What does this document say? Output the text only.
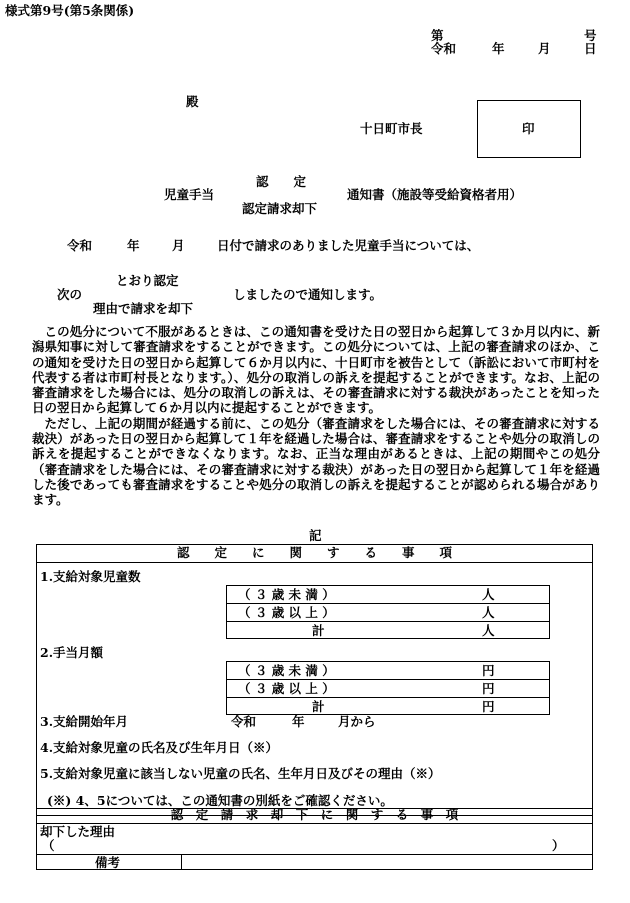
様式第9号(第5条関係)
第	号
令和	年	月	日
殿
十日町市長	印
認　　定
児童手当
認定請求却下
通知書（施設等受給資格者用）
令和	年	月	日付で請求のありました児童手当については、
とおり認定
次の	しましたので通知します。
理由で請求を却下

この処分について不服があるときは、この通知書を受けた日の翌日から起算して３か月以内に、新潟県知事に対して審査請求をすることができます。この処分については、上記の審査請求のほか、この通知を受けた日の翌日から起算して６か月以内に、十日町市を被告として（訴訟において市町村を代表する者は市町村長となります。）、処分の取消しの訴えを提起することができます。なお、上記の審査請求をした場合には、処分の取消しの訴えは、その審査請求に対する裁決があったことを知った日の翌日から起算して６か月以内に提起することができます。

ただし、上記の期間が経過する前に、この処分（審査請求をした場合には、その審査請求に対する裁決）があった日の翌日から起算して１年を経過した場合は、審査請求をすることや処分の取消しの訴えを提起することができなくなります。なお、正当な理由があるときは、上記の期間やこの処分（審査請求をした場合には、その審査請求に対する裁決）があった日の翌日から起算して１年を経過した後であっても審査請求をすることや処分の取消しの訴えを提起することが認められる場合があります。

記
認　　定　　に　　関　　す　　る　　事　　項
1.支給対象児童数
（ ３ 歳 未 満 ）	人
（ ３ 歳 以 上 ）	人
計	人
2.手当月額
（ ３ 歳 未 満 ）	円
（ ３ 歳 以 上 ）	円
計	円
3.支給開始年月	令和	年	月から
4.支給対象児童の氏名及び生年月日（※）
5.支給対象児童に該当しない児童の氏名、生年月日及びその理由（※）
(※) 4、5については、この通知書の別紙をご確認ください。
認　定　請　求　却　下　に　関　す　る　事　項
却下した理由
（	）
備考
